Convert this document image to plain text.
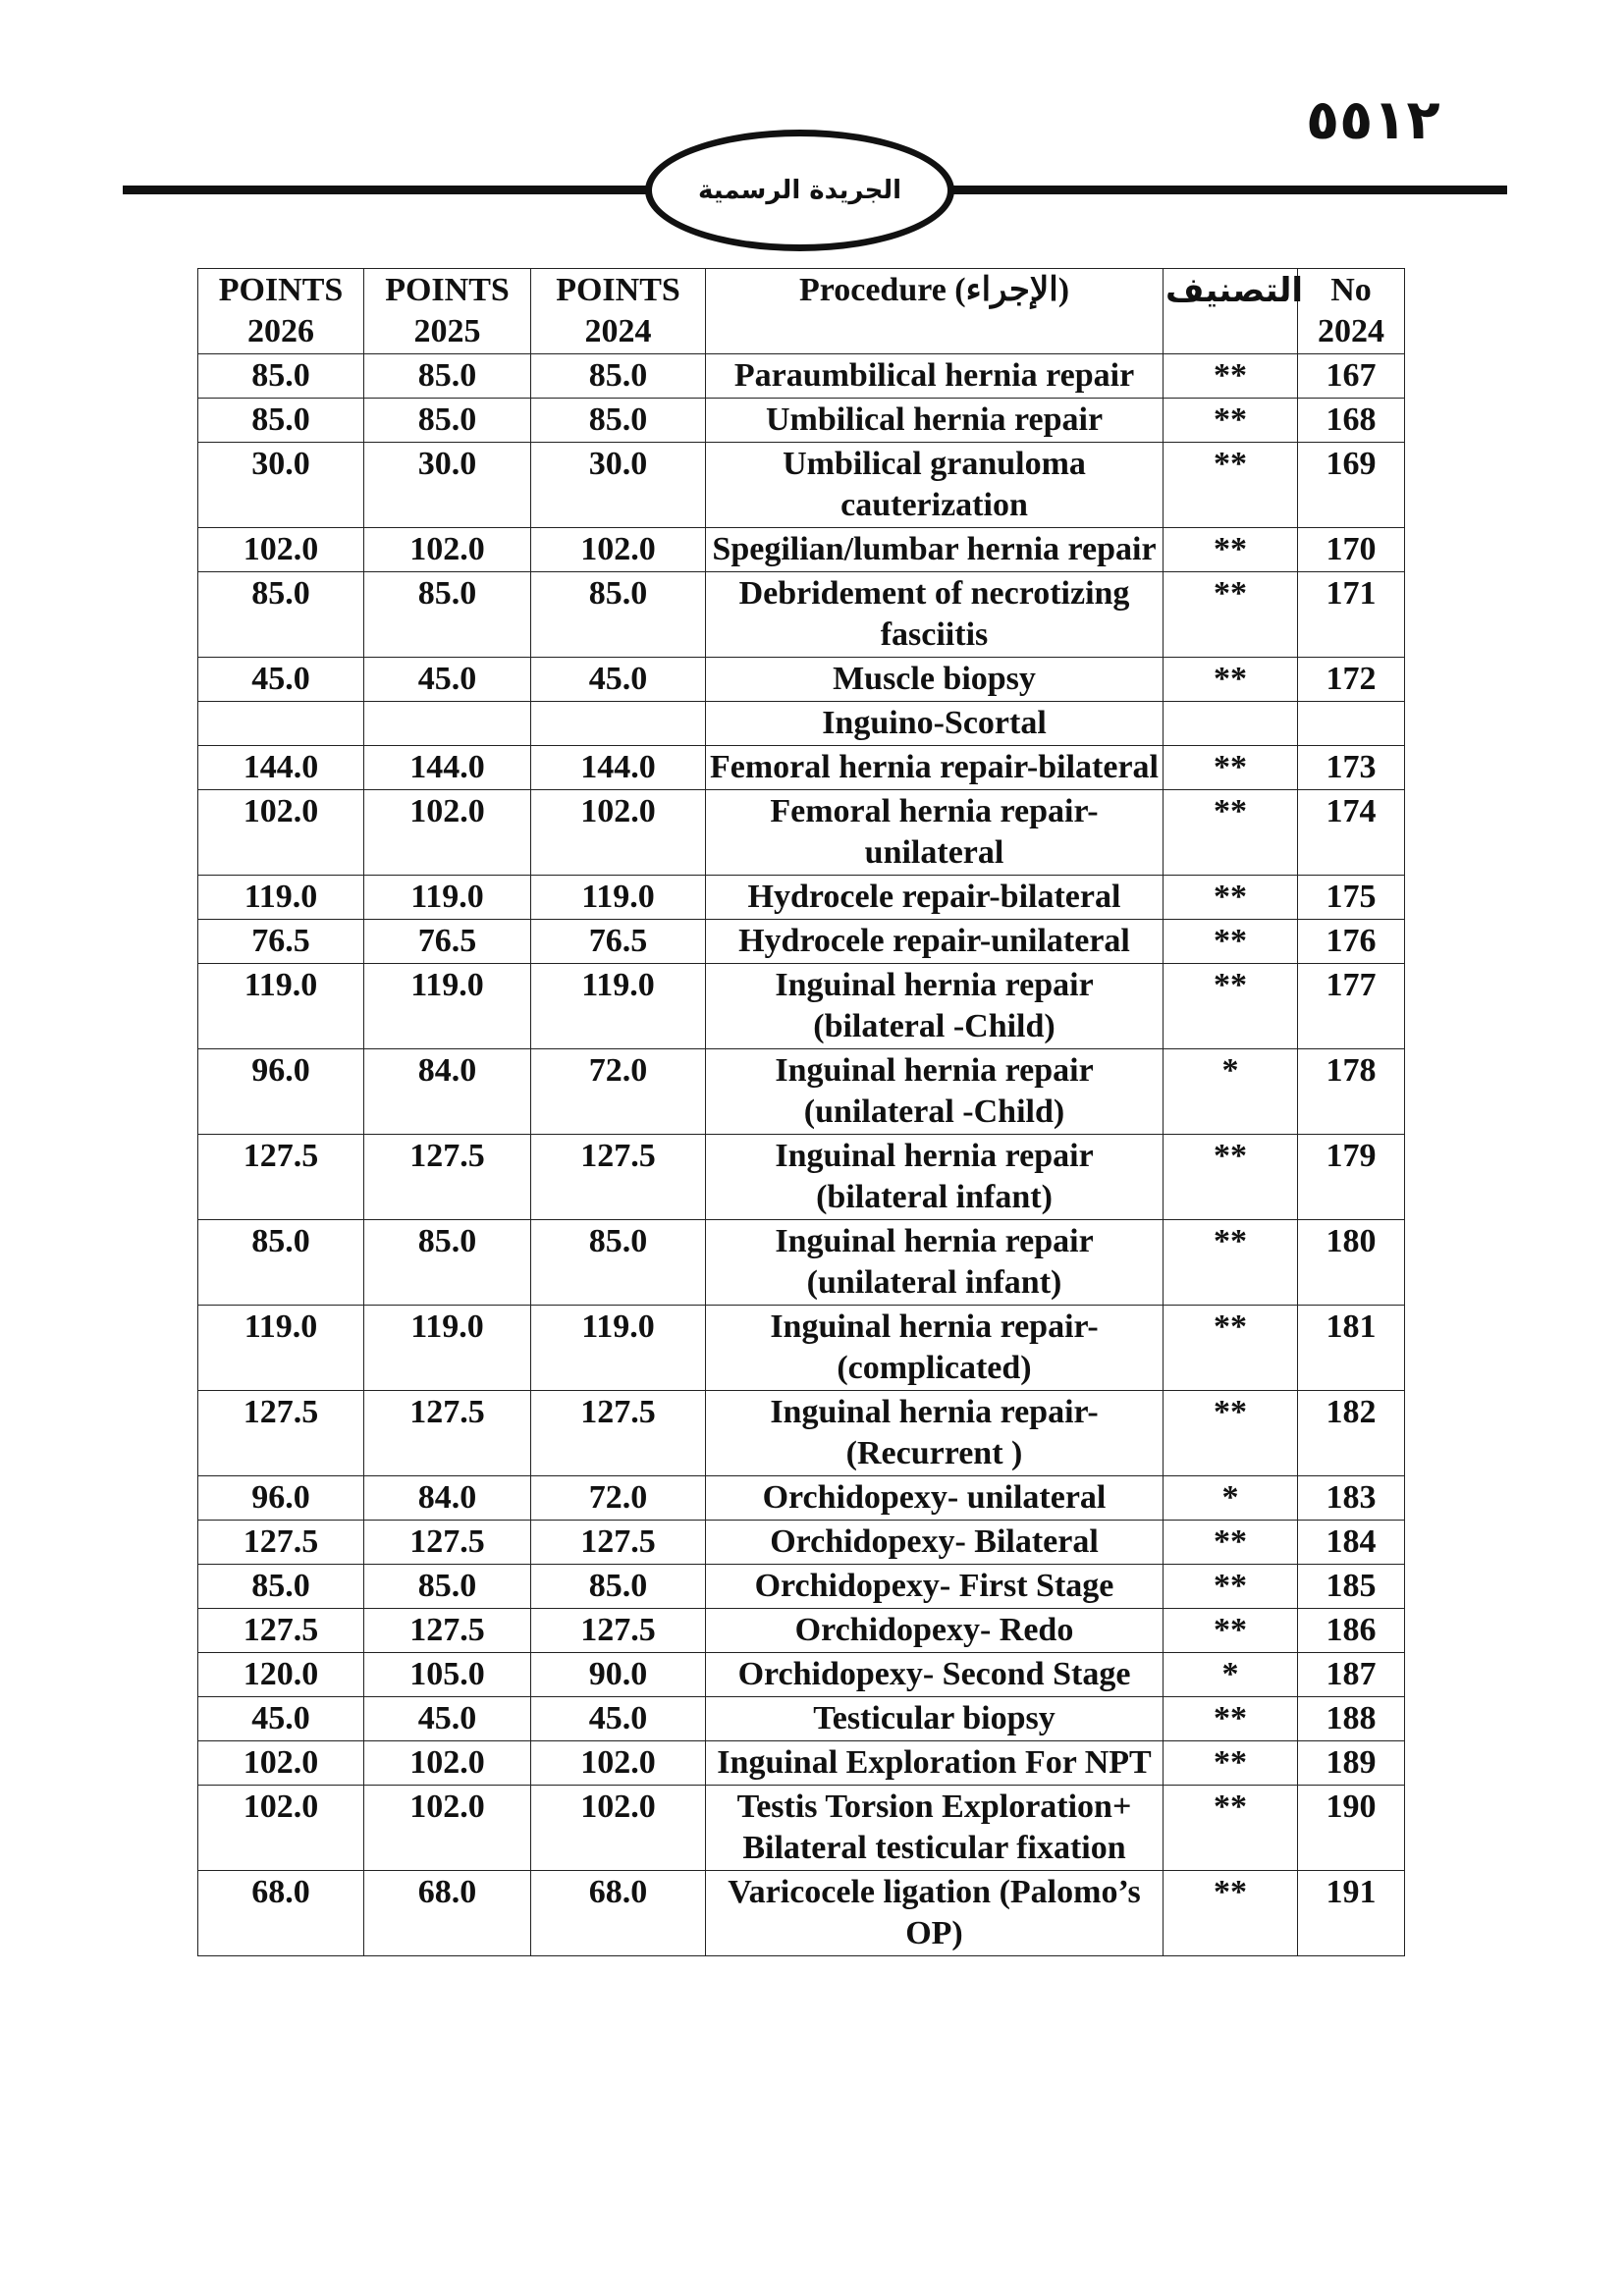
٥٥١٢
الجريدة الرسمية
POINTS 2026	POINTS 2025	POINTS 2024	Procedure (الإجراء)	التصنيف	No 2024
85.0	85.0	85.0	Paraumbilical hernia repair	**	167
85.0	85.0	85.0	Umbilical hernia repair	**	168
30.0	30.0	30.0	Umbilical granuloma cauterization	**	169
102.0	102.0	102.0	Spegilian/lumbar hernia repair	**	170
85.0	85.0	85.0	Debridement of necrotizing fasciitis	**	171
45.0	45.0	45.0	Muscle biopsy	**	172
			Inguino-Scortal		
144.0	144.0	144.0	Femoral hernia repair-bilateral	**	173
102.0	102.0	102.0	Femoral hernia repair-unilateral	**	174
119.0	119.0	119.0	Hydrocele repair-bilateral	**	175
76.5	76.5	76.5	Hydrocele repair-unilateral	**	176
119.0	119.0	119.0	Inguinal hernia repair (bilateral -Child)	**	177
96.0	84.0	72.0	Inguinal hernia repair (unilateral -Child)	*	178
127.5	127.5	127.5	Inguinal hernia repair (bilateral infant)	**	179
85.0	85.0	85.0	Inguinal hernia repair (unilateral infant)	**	180
119.0	119.0	119.0	Inguinal hernia repair-(complicated)	**	181
127.5	127.5	127.5	Inguinal hernia repair-(Recurrent )	**	182
96.0	84.0	72.0	Orchidopexy- unilateral	*	183
127.5	127.5	127.5	Orchidopexy- Bilateral	**	184
85.0	85.0	85.0	Orchidopexy- First Stage	**	185
127.5	127.5	127.5	Orchidopexy- Redo	**	186
120.0	105.0	90.0	Orchidopexy- Second Stage	*	187
45.0	45.0	45.0	Testicular biopsy	**	188
102.0	102.0	102.0	Inguinal Exploration For NPT	**	189
102.0	102.0	102.0	Testis Torsion Exploration+ Bilateral testicular fixation	**	190
68.0	68.0	68.0	Varicocele ligation (Palomo’s OP)	**	191
